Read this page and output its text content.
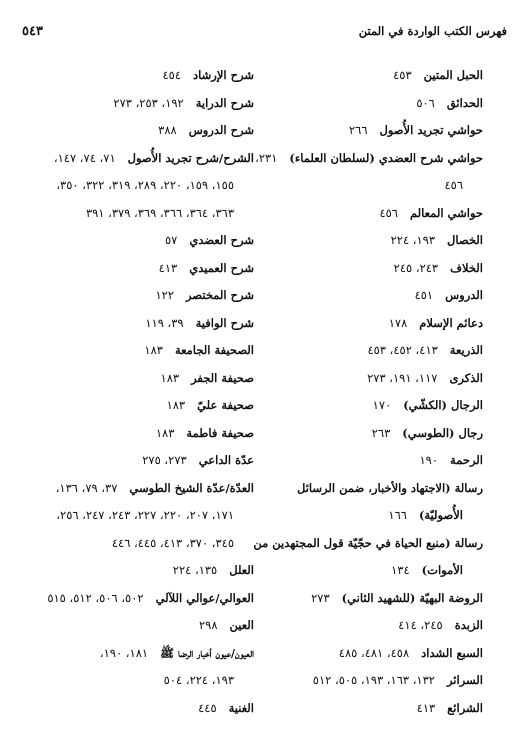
فهرس الكتب الواردة في المتن
٥٤٣
الحبل المتين٤٥٣
الحدائق٥٠٦
حواشي تجريد الأُصول٢٦٦
حواشي شرح العضدي (لسلطان العلماء)٢٣١،
٤٥٦
حواشي المعالم٤٥٦
الخصال١٩٣، ٢٢٤
الخلاف٢٤٣، ٢٤٥
الدروس٤٥١
دعائم الإسلام١٧٨
الذريعة٤١٣، ٤٥٢، ٤٥٣
الذكرى١١٧، ١٩١، ٢٧٣
الرجال (الكشّي)١٧٠
رجال (الطوسي)٢٦٣
الرحمة١٩٠
رسالة (الاجتهاد والأخبار، ضمن الرسائل
الأُصوليّة)١٦٦
رسالة (منبع الحياة في حجّيّة قول المجتهدين من
الأموات)١٣٤
الروضة البهيّة (للشهيد الثاني)٢٧٣
الزبدة٢٤٥، ٤١٤
السبع الشداد٤٥٨، ٤٨١، ٤٨٥
السرائر١٣٢، ١٦٣، ١٩٣، ٥٠٥، ٥١٢
الشرائع٤١٣
شرح الإرشاد٤٥٤
شرح الدراية١٩٢، ٢٥٣، ٢٧٣
شرح الدروس٣٨٨
الشرح/شرح تجريد الأُصول٧١، ٧٤، ١٤٧،
١٥٥، ١٥٩، ٢٢٠، ٢٨٩، ٣١٩، ٣٢٢، ٣٥٠،
٣٦٣، ٣٦٤، ٣٦٦، ٣٦٩، ٣٧٩، ٣٩١
شرح العضدي٥٧
شرح العميدي٤١٣
شرح المختصر١٢٢
شرح الوافية٣٩، ١١٩
الصحيفة الجامعة١٨٣
صحيفة الجفر١٨٣
صحيفة عليّ١٨٣
صحيفة فاطمة١٨٣
عدّة الداعي٢٧٣، ٢٧٥
العدّة/عدّة الشيخ الطوسي٣٧، ٧٩، ١٣٦،
١٧١، ٢٠٧، ٢٢٠، ٢٢٧، ٢٤٣، ٢٤٧، ٢٥٦،
٣٤٥، ٣٧٠، ٤١٣، ٤٤٥، ٤٤٦
العلل١٣٥، ٢٢٤
العوالي/عوالي اللآلي٥٠٢، ٥٠٦، ٥١٢، ٥١٥
العين٢٩٨
العيون/عيون أخبار الرضا ﷺ١٨١، ١٩٠،
١٩٣، ٢٢٤، ٥٠٤
الغنية٤٤٥
